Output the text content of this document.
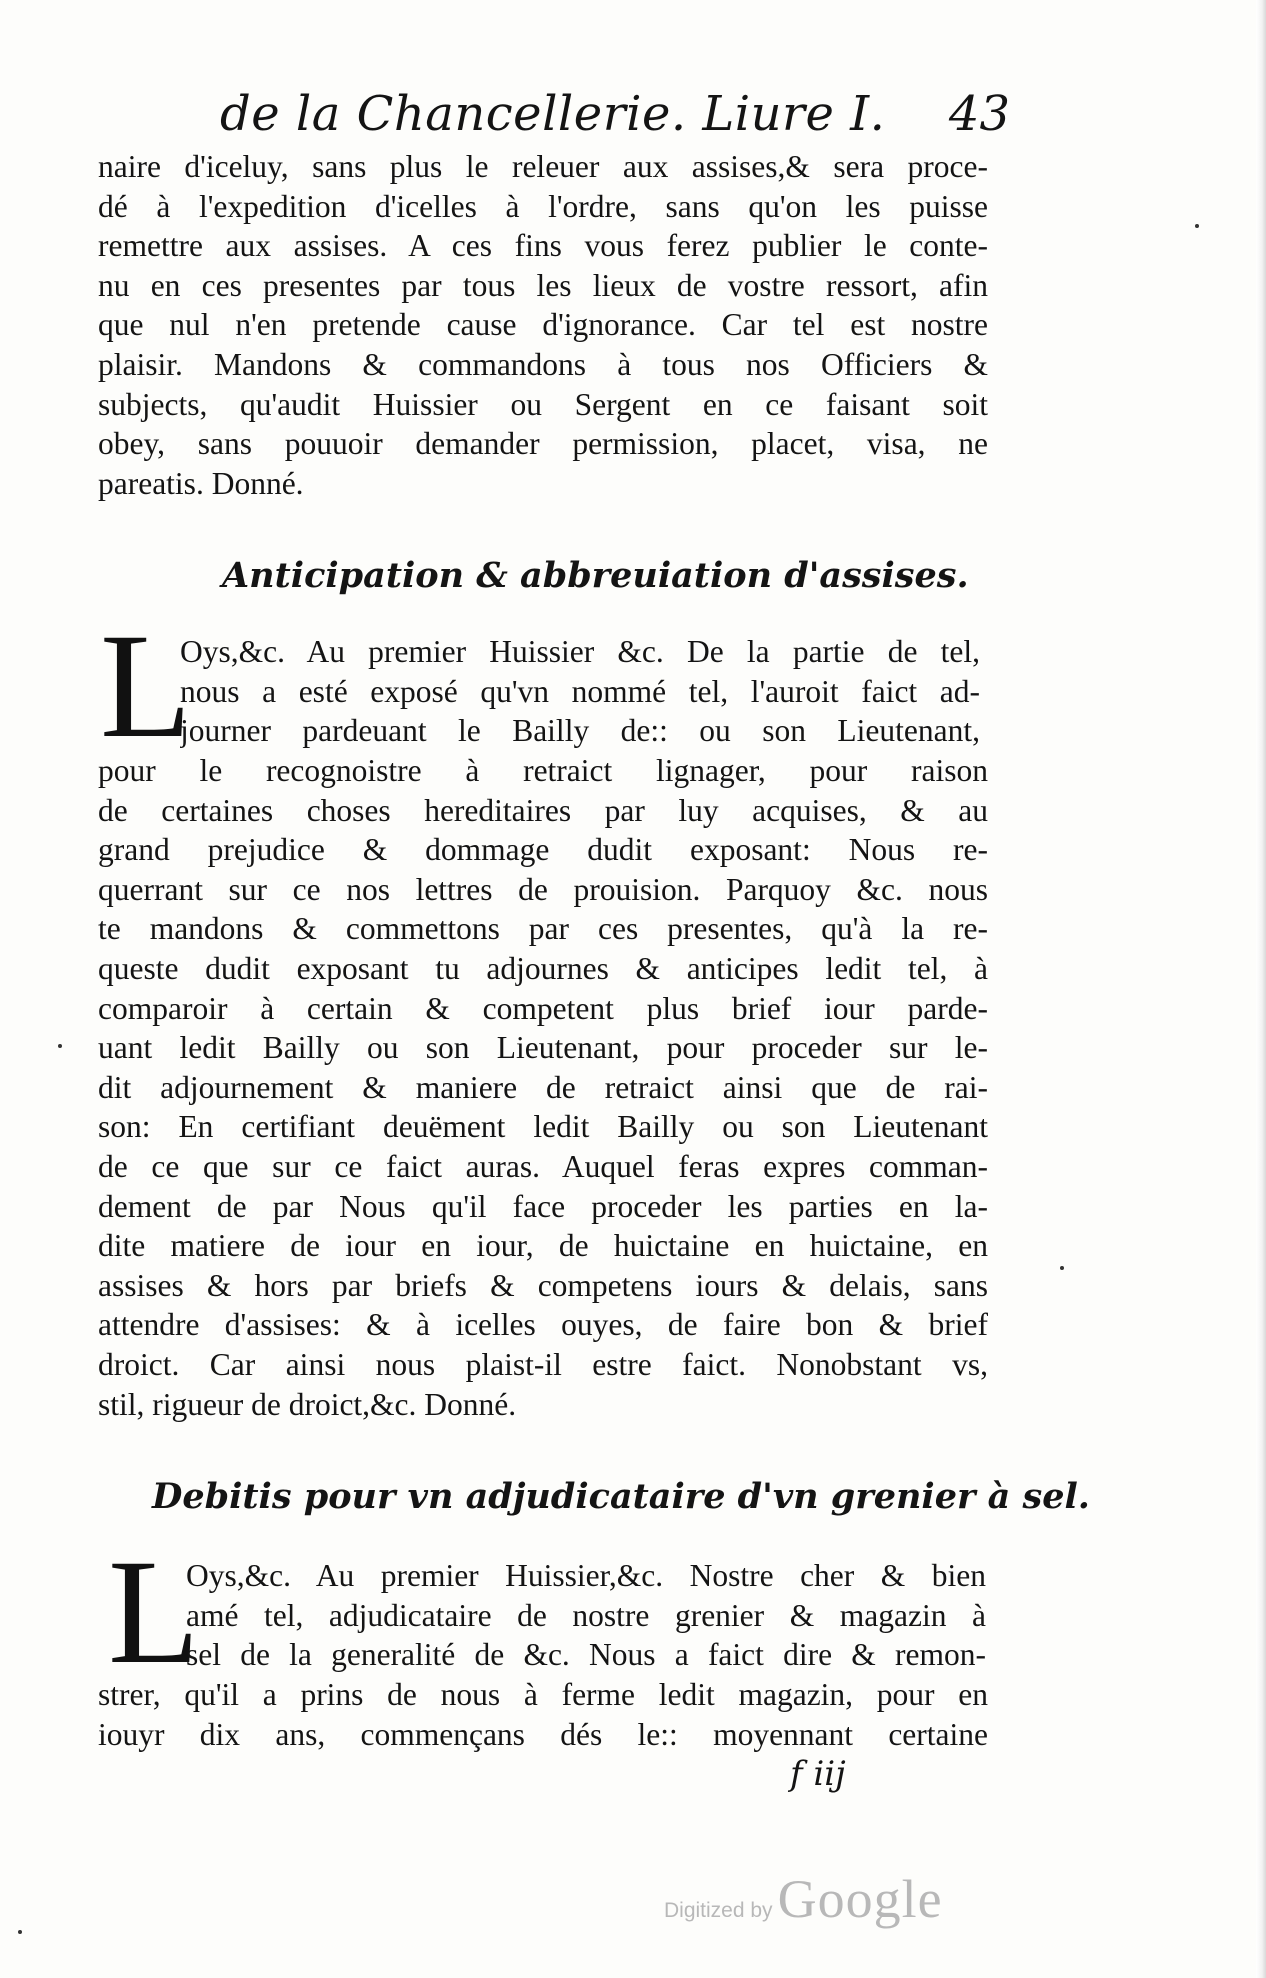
de la Chancellerie. Liure I. 43
naire d'iceluy, sans plus le releuer aux assises,& sera proce-
dé à l'expedition d'icelles à l'ordre, sans qu'on les puisse
remettre aux assises. A ces fins vous ferez publier le conte-
nu en ces presentes par tous les lieux de vostre ressort, afin
que nul n'en pretende cause d'ignorance. Car tel est nostre
plaisir. Mandons & commandons à tous nos Officiers &
subjects, qu'audit Huissier ou Sergent en ce faisant soit
obey, sans pouuoir demander permission, placet, visa, ne
pareatis. Donné.
Anticipation & abbreuiation d'assises.
L
Oys,&c. Au premier Huissier &c. De la partie de tel,
nous a esté exposé qu'vn nommé tel, l'auroit faict ad-
journer pardeuant le Bailly de:: ou son Lieutenant,
pour le recognoistre à retraict lignager, pour raison
de certaines choses hereditaires par luy acquises, & au
grand prejudice & dommage dudit exposant: Nous re-
querrant sur ce nos lettres de prouision. Parquoy &c. nous
te mandons & commettons par ces presentes, qu'à la re-
queste dudit exposant tu adjournes & anticipes ledit tel, à
comparoir à certain & competent plus brief iour parde-
uant ledit Bailly ou son Lieutenant, pour proceder sur le-
dit adjournement & maniere de retraict ainsi que de rai-
son: En certifiant deuëment ledit Bailly ou son Lieutenant
de ce que sur ce faict auras. Auquel feras expres comman-
dement de par Nous qu'il face proceder les parties en la-
dite matiere de iour en iour, de huictaine en huictaine, en
assises & hors par briefs & competens iours & delais, sans
attendre d'assises: & à icelles ouyes, de faire bon & brief
droict. Car ainsi nous plaist-il estre faict. Nonobstant vs,
stil, rigueur de droict,&c. Donné.
Debitis pour vn adjudicataire d'vn grenier à sel.
L
Oys,&c. Au premier Huissier,&c. Nostre cher & bien
amé tel, adjudicataire de nostre grenier & magazin à
sel de la generalité de &c. Nous a faict dire & remon-
strer, qu'il a prins de nous à ferme ledit magazin, pour en
iouyr dix ans, commençans dés le:: moyennant certaine
f iij
Digitized by Google
